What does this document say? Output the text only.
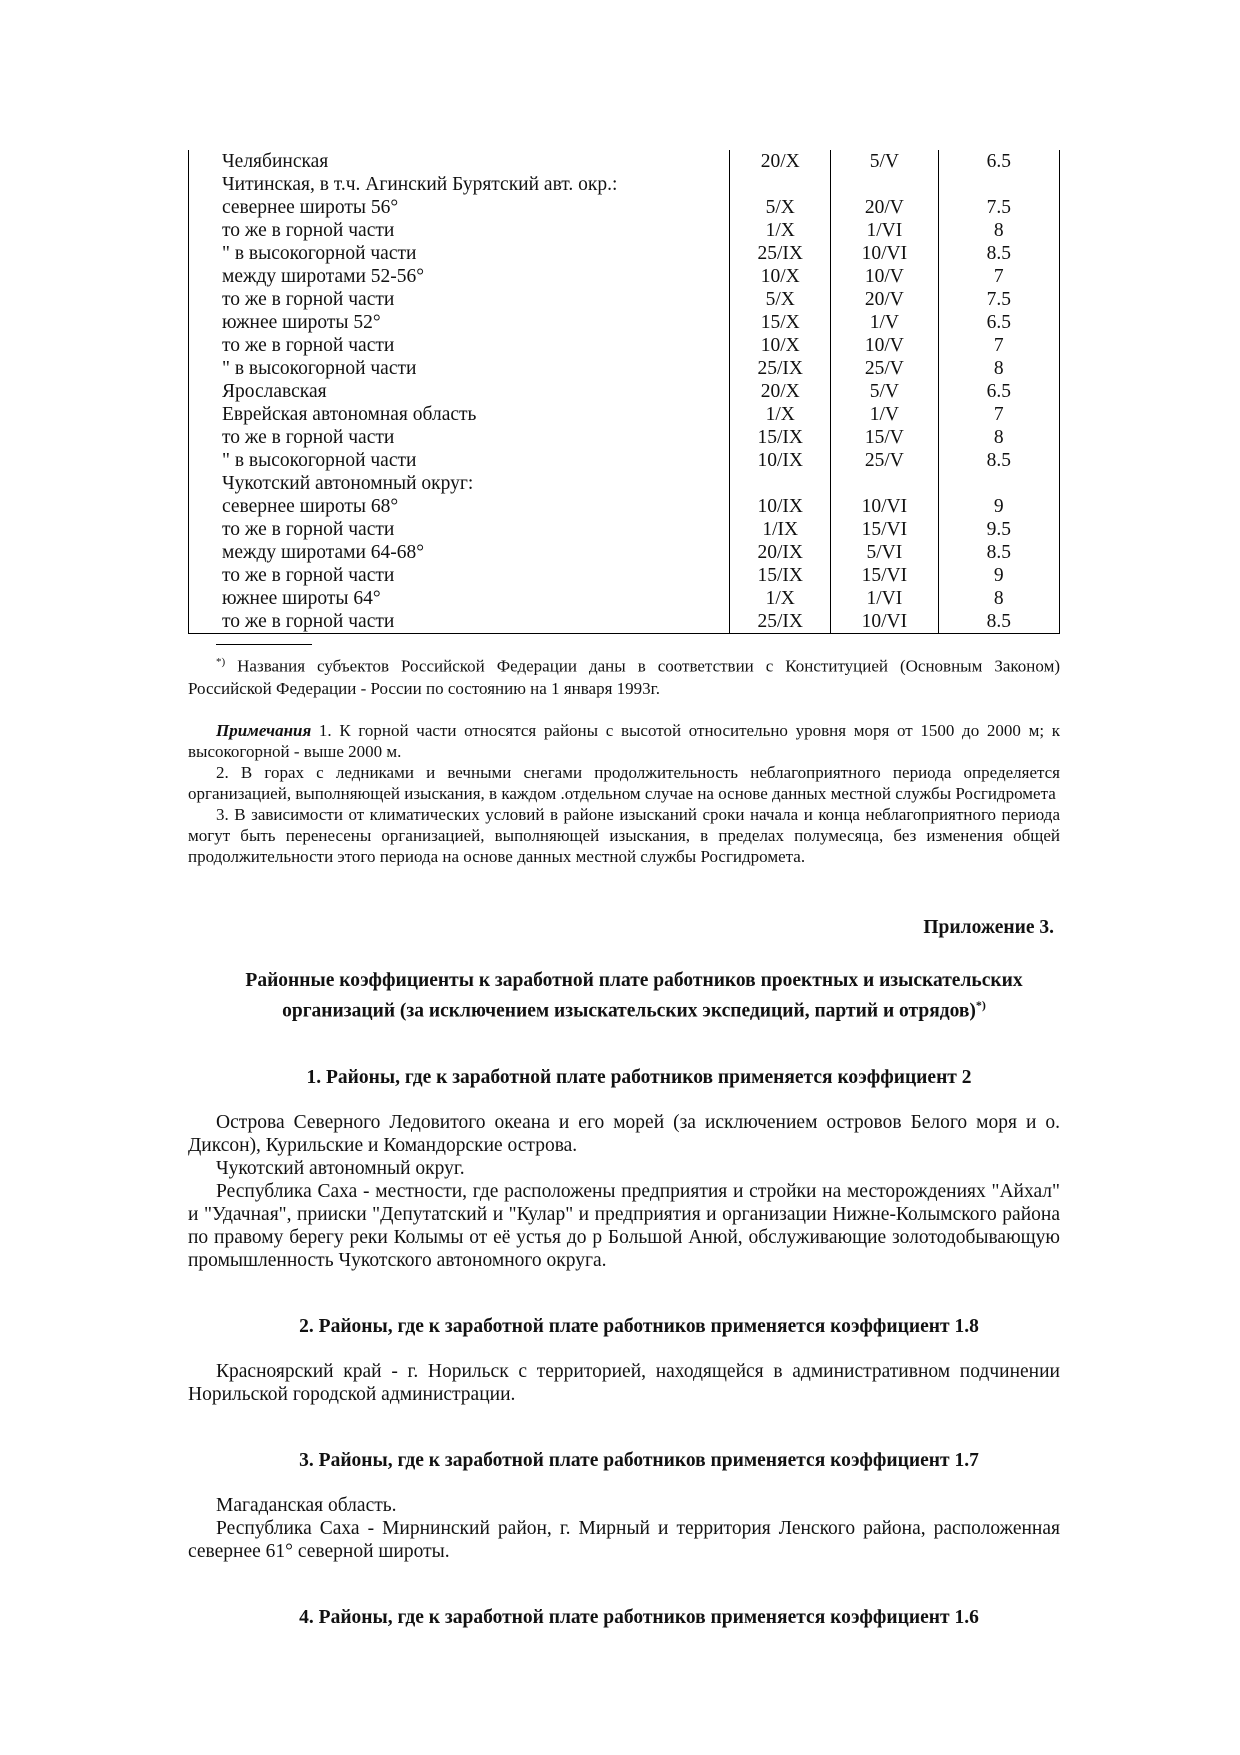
Челябинская	20/X	5/V	6.5
Читинская, в т.ч. Агинский Бурятский авт. окр.:			
севернее широты 56°	5/X	20/V	7.5
то же в горной части	1/X	1/VI	8
" в высокогорной части	25/IX	10/VI	8.5
между широтами 52-56°	10/X	10/V	7
то же в горной части	5/X	20/V	7.5
южнее широты 52°	15/X	1/V	6.5
то же в горной части	10/X	10/V	7
" в высокогорной части	25/IX	25/V	8
Ярославская	20/X	5/V	6.5
Еврейская автономная область	1/X	1/V	7
то же в горной части	15/IX	15/V	8
" в высокогорной части	10/IX	25/V	8.5
Чукотский автономный округ:			
севернее широты 68°	10/IX	10/VI	9
то же в горной части	1/IX	15/VI	9.5
между широтами 64-68°	20/IX	5/VI	8.5
то же в горной части	15/IX	15/VI	9
южнее широты 64°	1/X	1/VI	8
то же в горной части	25/IX	10/VI	8.5
*) Названия субъектов Российской Федерации даны в соответствии с Конституцией (Основным Законом) Российской Федерации - России по состоянию на 1 января 1993г.

Примечания 1. К горной части относятся районы с высотой относительно уровня моря от 1500 до 2000 м; к высокогорной - выше 2000 м.

2. В горах с ледниками и вечными снегами продолжительность неблагоприятного периода определяется организацией, выполняющей изыскания, в каждом .отдельном случае на основе данных местной службы Росгидромета

3. В зависимости от климатических условий в районе изысканий сроки начала и конца неблагоприятного периода могут быть перенесены организацией, выполняющей изыскания, в пределах полумесяца, без изменения общей продолжительности этого периода на основе данных местной службы Росгидромета.

Приложение 3.
Районные коэффициенты к заработной плате работников проектных и изыскательских организаций (за исключением изыскательских экспедиций, партий и отрядов)*)
1. Районы, где к заработной плате работников применяется коэффициент 2

Острова Северного Ледовитого океана и его морей (за исключением островов Белого моря и о. Диксон), Курильские и Командорские острова.

Чукотский автономный округ.

Республика Саха - местности, где расположены предприятия и стройки на месторождениях "Айхал" и "Удачная", прииски "Депутатский и "Кулар" и предприятия и организации Нижне-Колымского района по правому берегу реки Колымы от её устья до р Большой Анюй, обслуживающие золотодобывающую промышленность Чукотского автономного округа.

2. Районы, где к заработной плате работников применяется коэффициент 1.8

Красноярский край - г. Норильск с территорией, находящейся в административном подчинении Норильской городской администрации.

3. Районы, где к заработной плате работников применяется коэффициент 1.7

Магаданская область.

Республика Саха - Мирнинский район, г. Мирный и территория Ленского района, расположенная севернее 61° северной широты.

4. Районы, где к заработной плате работников применяется коэффициент 1.6
